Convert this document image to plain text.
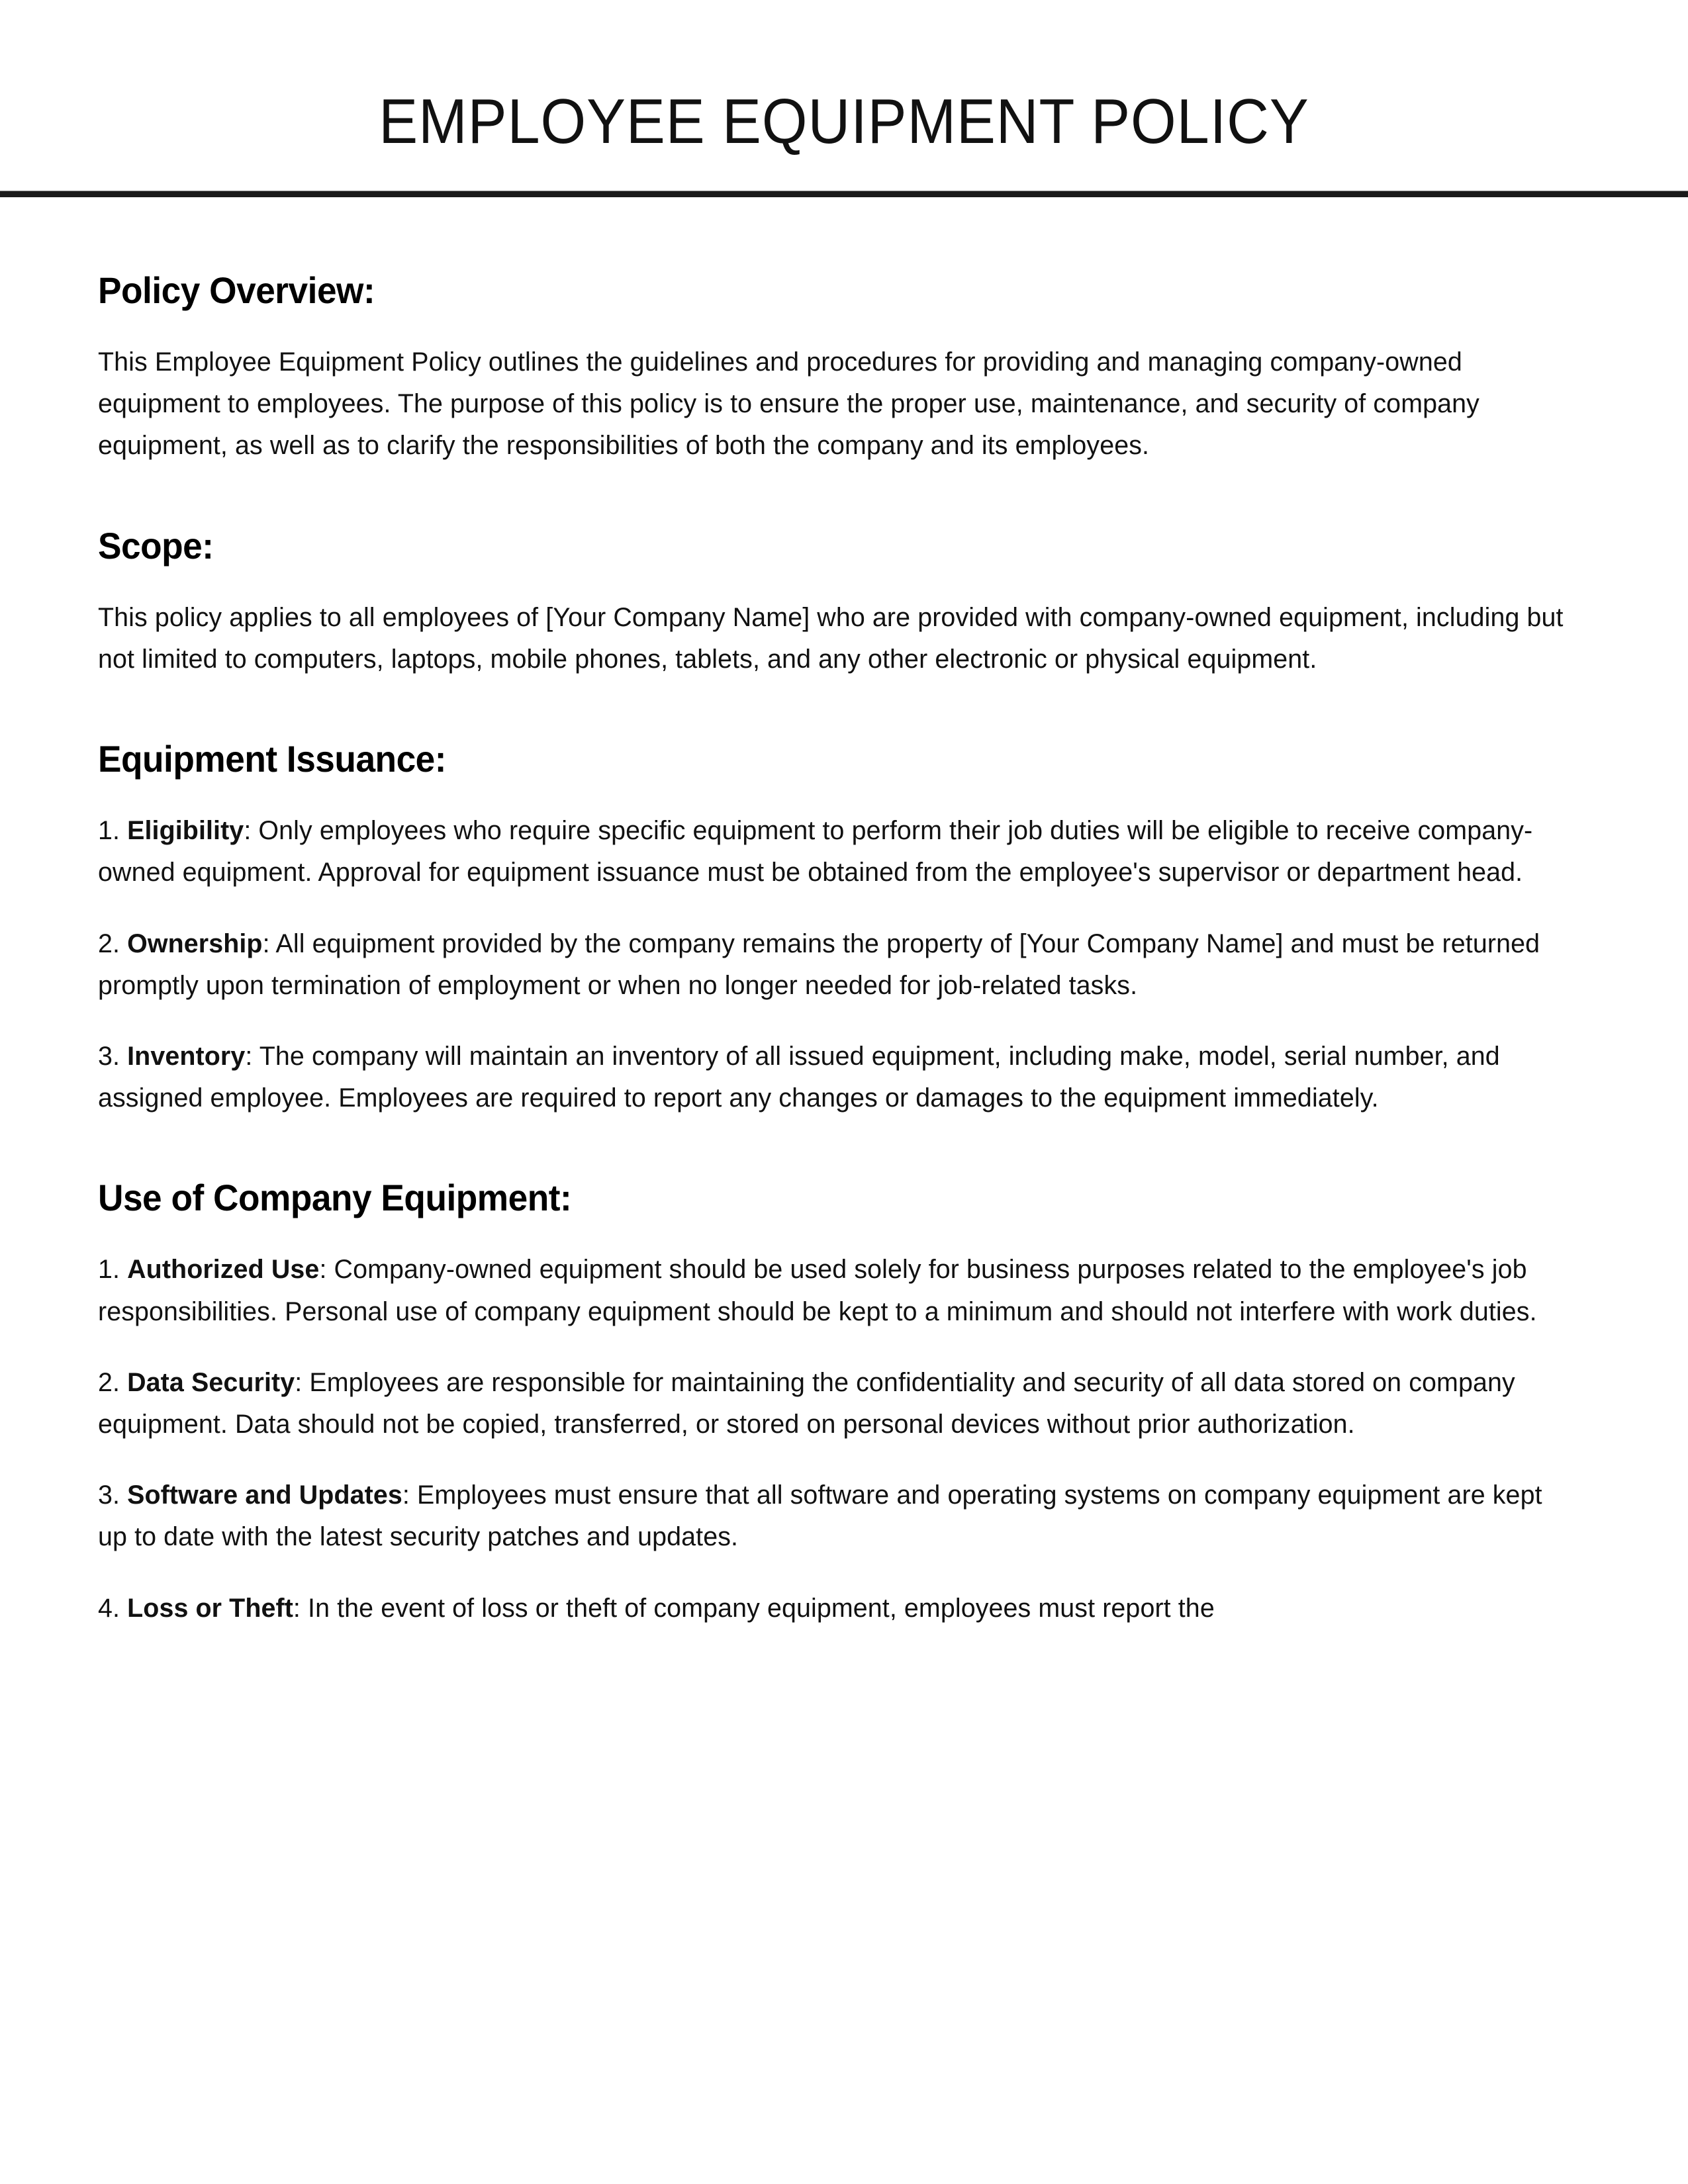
EMPLOYEE EQUIPMENT POLICY
Policy Overview:

This Employee Equipment Policy outlines the guidelines and procedures for providing and managing company-owned equipment to employees. The purpose of this policy is to ensure the proper use, maintenance, and security of company equipment, as well as to clarify the responsibilities of both the company and its employees.

Scope:

This policy applies to all employees of [Your Company Name] who are provided with company-owned equipment, including but not limited to computers, laptops, mobile phones, tablets, and any other electronic or physical equipment.

Equipment Issuance:

1. Eligibility: Only employees who require specific equipment to perform their job duties will be eligible to receive company-owned equipment. Approval for equipment issuance must be obtained from the employee's supervisor or department head.

2. Ownership: All equipment provided by the company remains the property of [Your Company Name] and must be returned promptly upon termination of employment or when no longer needed for job-related tasks.

3. Inventory: The company will maintain an inventory of all issued equipment, including make, model, serial number, and assigned employee. Employees are required to report any changes or damages to the equipment immediately.

Use of Company Equipment:

1. Authorized Use: Company-owned equipment should be used solely for business purposes related to the employee's job responsibilities. Personal use of company equipment should be kept to a minimum and should not interfere with work duties.

2. Data Security: Employees are responsible for maintaining the confidentiality and security of all data stored on company equipment. Data should not be copied, transferred, or stored on personal devices without prior authorization.

3. Software and Updates: Employees must ensure that all software and operating systems on company equipment are kept up to date with the latest security patches and updates.

4. Loss or Theft: In the event of loss or theft of company equipment, employees must report the
